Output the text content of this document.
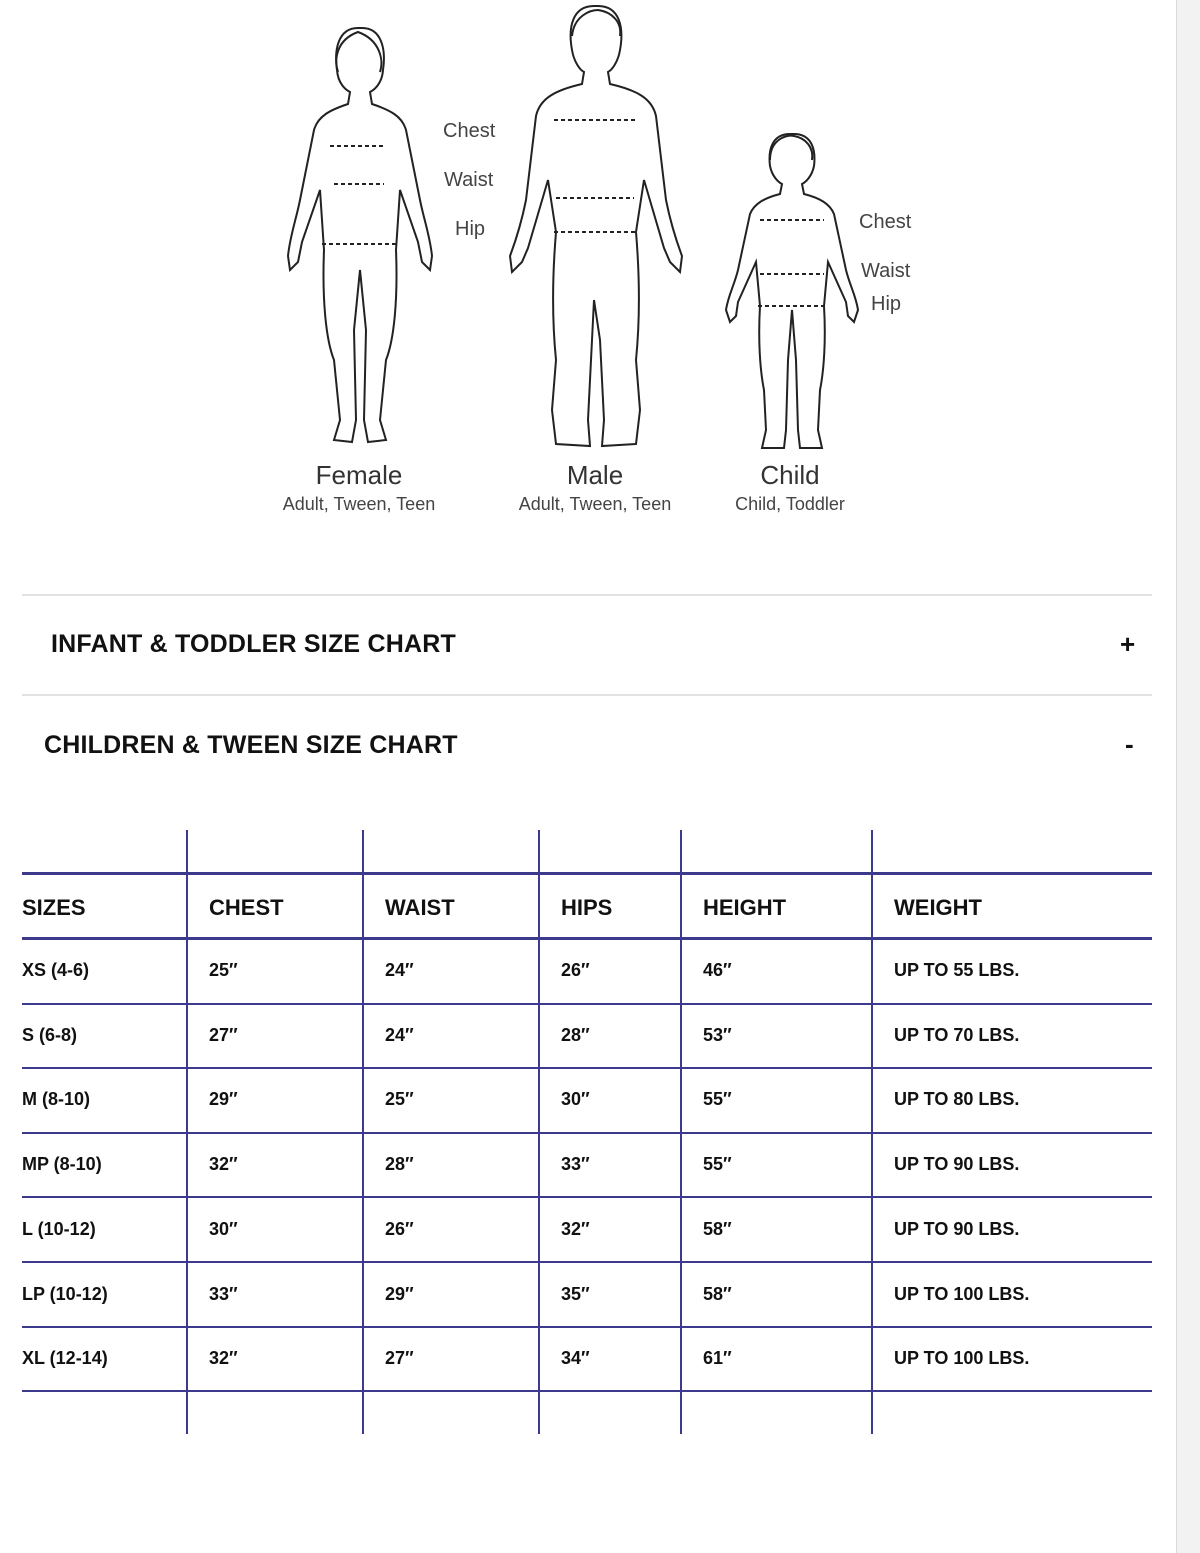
Chest
Waist
Hip	Chest
Waist
Hip
Female
Adult, Tween, Teen
Male
Adult, Tween, Teen
Child
Child, Toddler
INFANT & TODDLER SIZE CHART	+
CHILDREN & TWEEN SIZE CHART	-
SIZES	CHEST	WAIST	HIPS	HEIGHT	WEIGHT
XS (4-6)	25″	24″	26″	46″	UP TO 55 LBS.
S (6-8)	27″	24″	28″	53″	UP TO 70 LBS.
M (8-10)	29″	25″	30″	55″	UP TO 80 LBS.
MP (8-10)	32″	28″	33″	55″	UP TO 90 LBS.
L (10-12)	30″	26″	32″	58″	UP TO 90 LBS.
LP (10-12)	33″	29″	35″	58″	UP TO 100 LBS.
XL (12-14)	32″	27″	34″	61″	UP TO 100 LBS.
